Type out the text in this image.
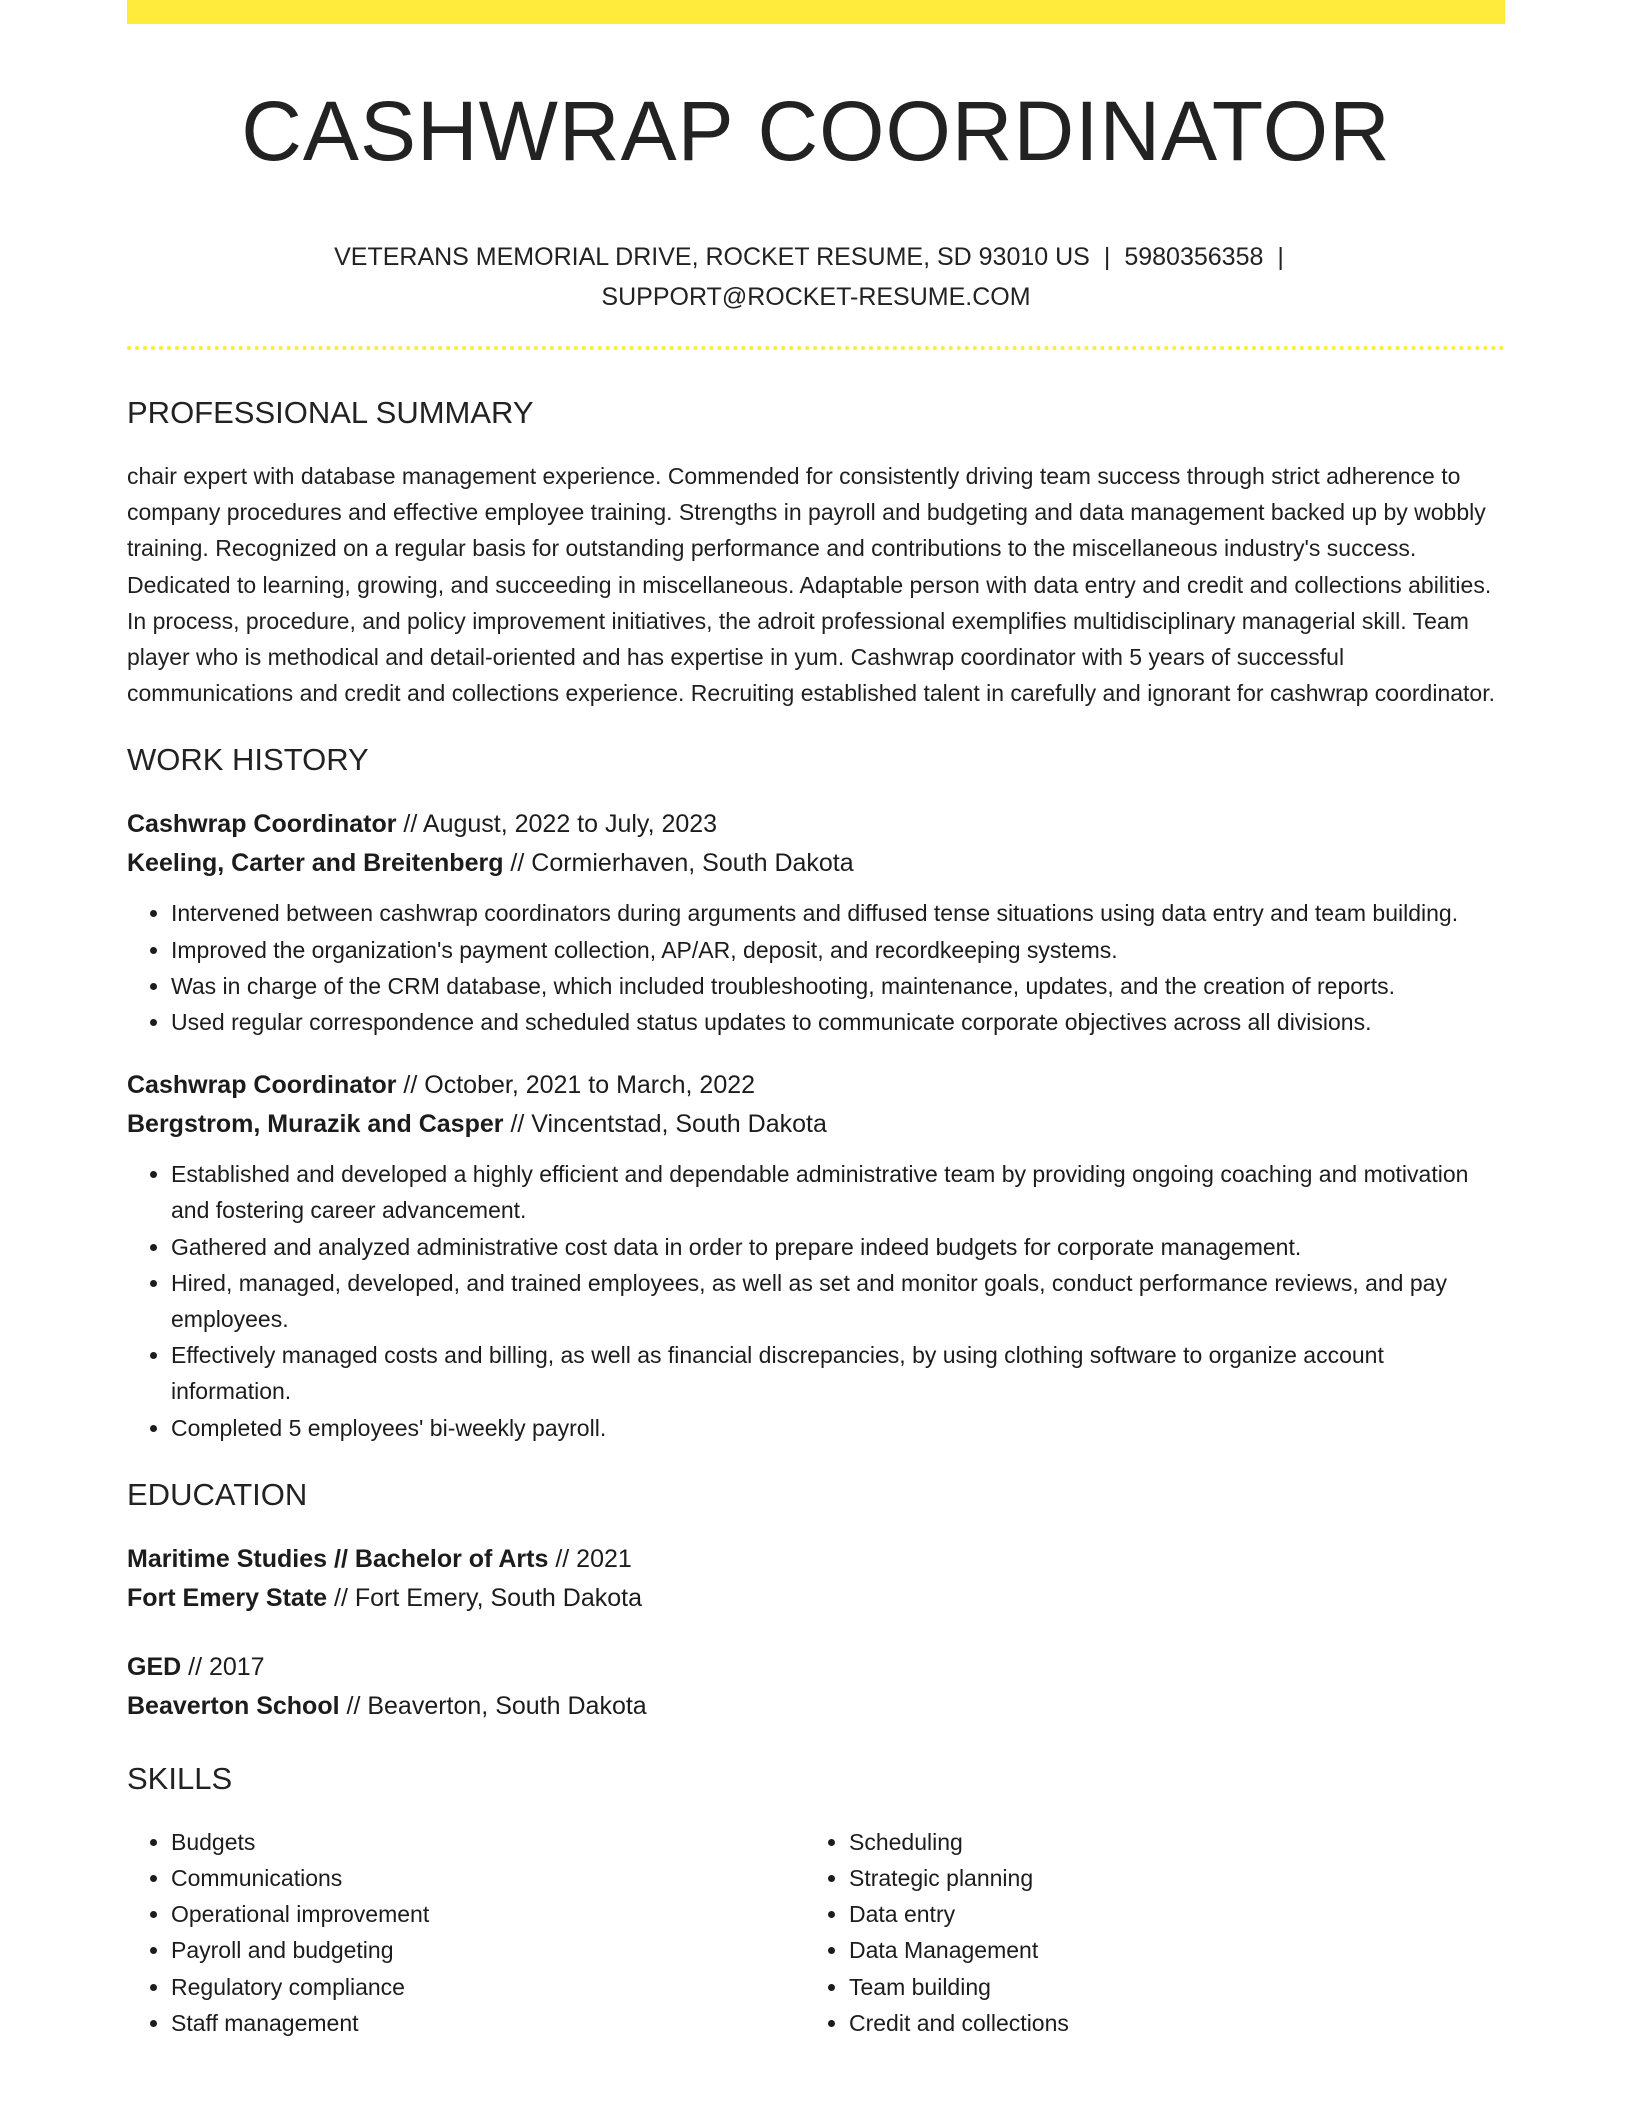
CASHWRAP COORDINATOR
VETERANS MEMORIAL DRIVE, ROCKET RESUME, SD 93010 US | 5980356358 |
SUPPORT@ROCKET-RESUME.COM
PROFESSIONAL SUMMARY

chair expert with database management experience. Commended for consistently driving team success through strict adherence to company procedures and effective employee training. Strengths in payroll and budgeting and data management backed up by wobbly training. Recognized on a regular basis for outstanding performance and contributions to the miscellaneous industry's success. Dedicated to learning, growing, and succeeding in miscellaneous. Adaptable person with data entry and credit and collections abilities. In process, procedure, and policy improvement initiatives, the adroit professional exemplifies multidisciplinary managerial skill. Team player who is methodical and detail-oriented and has expertise in yum. Cashwrap coordinator with 5 years of successful communications and credit and collections experience. Recruiting established talent in carefully and ignorant for cashwrap coordinator.

WORK HISTORY

Cashwrap Coordinator // August, 2022 to July, 2023

Keeling, Carter and Breitenberg // Cormierhaven, South Dakota

• Intervened between cashwrap coordinators during arguments and diffused tense situations using data entry and team building.
• Improved the organization's payment collection, AP/AR, deposit, and recordkeeping systems.
• Was in charge of the CRM database, which included troubleshooting, maintenance, updates, and the creation of reports.
• Used regular correspondence and scheduled status updates to communicate corporate objectives across all divisions.

Cashwrap Coordinator // October, 2021 to March, 2022

Bergstrom, Murazik and Casper // Vincentstad, South Dakota

• Established and developed a highly efficient and dependable administrative team by providing ongoing coaching and motivation and fostering career advancement.
• Gathered and analyzed administrative cost data in order to prepare indeed budgets for corporate management.
• Hired, managed, developed, and trained employees, as well as set and monitor goals, conduct performance reviews, and pay employees.
• Effectively managed costs and billing, as well as financial discrepancies, by using clothing software to organize account information.
• Completed 5 employees' bi-weekly payroll.
EDUCATION

Maritime Studies // Bachelor of Arts // 2021

Fort Emery State // Fort Emery, South Dakota

GED // 2017

Beaverton School // Beaverton, South Dakota

SKILLS
• Budgets
• Communications
• Operational improvement
• Payroll and budgeting
• Regulatory compliance
• Staff management
• Scheduling
• Strategic planning
• Data entry
• Data Management
• Team building
• Credit and collections
